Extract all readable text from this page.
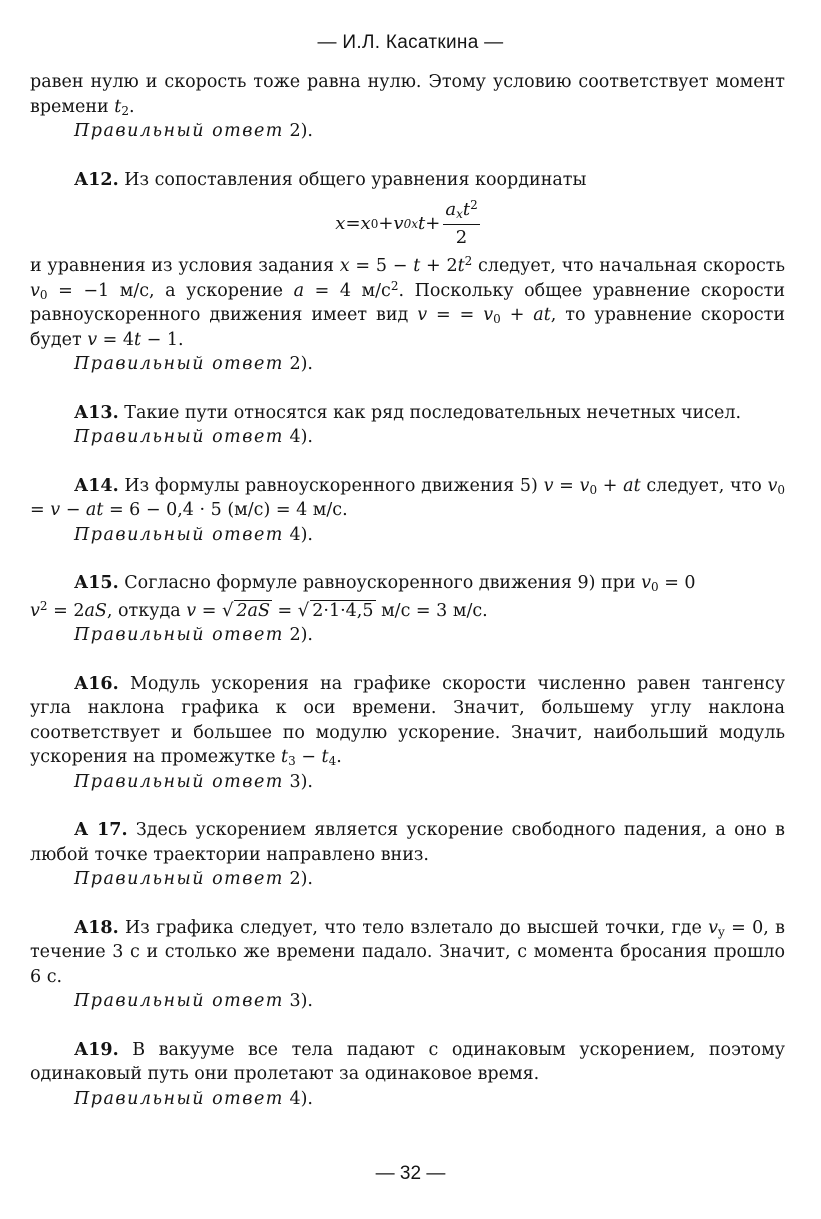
— И.Л. Касаткина —

равен нулю и скорость тоже равна нулю. Этому условию соответствует момент времени $t_2$.

Правильный ответ 2).

А12. Из сопоставления общего уравнения координаты

x = x 0 + v 0x $t + \frac{a_xt^2}{2}$

и уравнения из условия задания $x = 5 - t + 2t^2$ следует, что начальная скорость $v_0 = -1$ м/с, а ускорение a = 4 $м/с^2$. Поскольку общее уравнение скорости равноускоренного движения имеет вид v = = $v_0$ + at, то уравнение скорости будет v = 4t − 1.

Правильный ответ 2).

А13. Такие пути относятся как ряд последовательных нечетных чисел.

Правильный ответ 4).

А14. Из формулы равноускоренного движения 5) $v = v_0$ + at следует, что $v_0 = v$ − at = 6 − 0,4 · 5 (м/с) = 4 м/с.

Правильный ответ 4).

А15. Согласно формуле равноускоренного движения 9) при $v_0 = 0$

$v^2 = 2aS$, откуда v = √ 2aS = √ 2·1·4,5 м/с = 3 м/с.

Правильный ответ 2).

А16. Модуль ускорения на графике скорости численно равен тангенсу угла наклона графика к оси времени. Значит, большему углу наклона соответствует и большее по модулю ускорение. Значит, наибольший модуль ускорения на промежутке $t_3 - t_4$.

Правильный ответ 3).

А 17. Здесь ускорением является ускорение свободного падения, а оно в любой точке траектории направлено вниз.

Правильный ответ 2).

А18. Из графика следует, что тело взлетало до высшей точки, где $v_y = 0$, в течение 3 с и столько же времени падало. Значит, с момента бросания прошло 6 с.

Правильный ответ 3).

А19. В вакууме все тела падают с одинаковым ускорением, поэтому одинаковый путь они пролетают за одинаковое время.

Правильный ответ 4).

— 32 —
